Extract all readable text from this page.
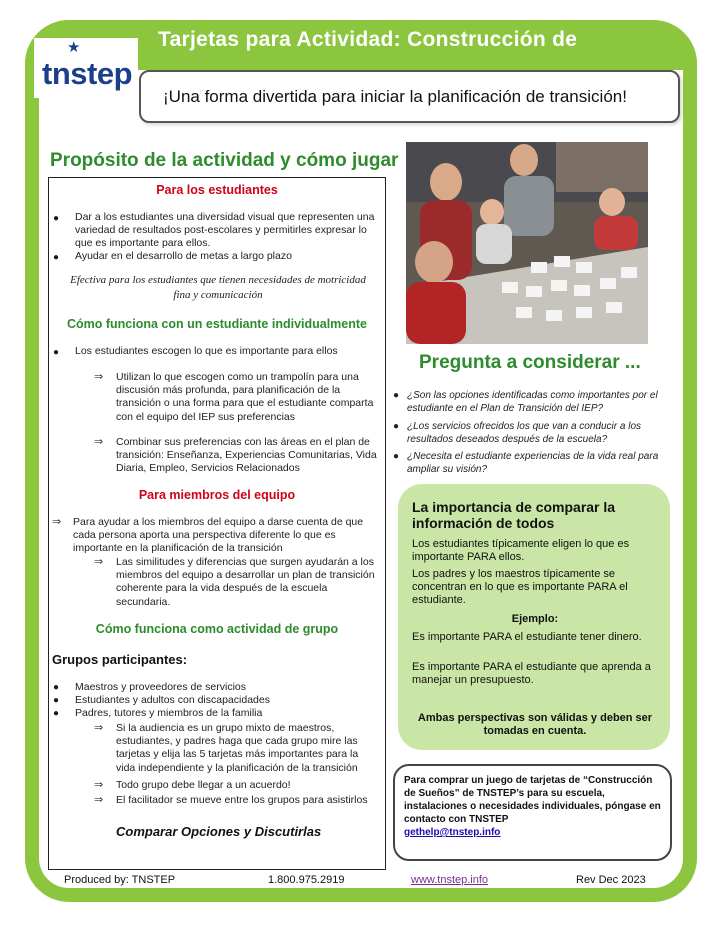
Tarjetas para Actividad: Construcción de
★
tnstep
¡Una forma divertida para iniciar la planificación de transición!
Propósito de la actividad y cómo jugar
Para los estudiantes
● Dar a los estudiantes una diversidad visual que representen una variedad de resultados post-escolares y permitirles expresar lo que es importante para ellos.
● Ayudar en el desarrollo de metas a largo plazo
Efectiva para los estudiantes que tienen necesidades de motricidad fina y comunicación
Cómo funciona con un estudiante individualmente
● Los estudiantes escogen lo que es importante para ellos
⇒ Utilizan lo que escogen como un trampolín para una discusión más profunda, para planificación de la transición o una forma para que el estudiante comparta con el equipo del IEP sus preferencias
⇒ Combinar sus preferencias con las áreas en el plan de transición: Enseñanza, Experiencias Comunitarias, Vida Diaria, Empleo, Servicios Relacionados
Para miembros del equipo
⇒ Para ayudar a los miembros del equipo a darse cuenta de que cada persona aporta una perspectiva diferente lo que es importante en la planificación de la transición
⇒ Las similitudes y diferencias que surgen ayudarán a los miembros del equipo a desarrollar un plan de transición coherente para la vida después de la escuela secundaria.
Cómo funciona como actividad de grupo
Grupos participantes:
● Maestros y proveedores de servicios
● Estudiantes y adultos con discapacidades
● Padres, tutores y miembros de la familia
⇒ Si la audiencia es un grupo mixto de maestros, estudiantes, y padres haga que cada grupo mire las tarjetas y elija las 5 tarjetas más importantes para la vida independiente y la planificación de la transición
⇒ Todo grupo debe llegar a un acuerdo!
⇒ El facilitador se mueve entre los grupos para asistirlos
Comparar Opciones y Discutirlas
Pregunta a considerar ...
● ¿Son las opciones identificadas como importantes por el estudiante en el Plan de Transición del IEP?
● ¿Los servicios ofrecidos los que van a conducir a los resultados deseados después de la escuela?
● ¿Necesita el estudiante experiencias de la vida real para ampliar su visión?
La importancia de comparar la información de todos
Los estudiantes típicamente eligen lo que es importante PARA ellos.
Los padres y los maestros típicamente se concentran en lo que es importante PARA el estudiante.
Ejemplo:
Es importante PARA el estudiante tener dinero.
Es importante PARA el estudiante que aprenda a manejar un presupuesto.
Ambas perspectivas son válidas y deben ser tomadas en cuenta.
Para comprar un juego de tarjetas de “Construcción de Sueños” de TNSTEP’s para su escuela, instalaciones o necesidades individuales, póngase en contacto con TNSTEP
gethelp@tnstep.info
Produced by: TNSTEP	1.800.975.2919	www.tnstep.info	Rev Dec 2023
